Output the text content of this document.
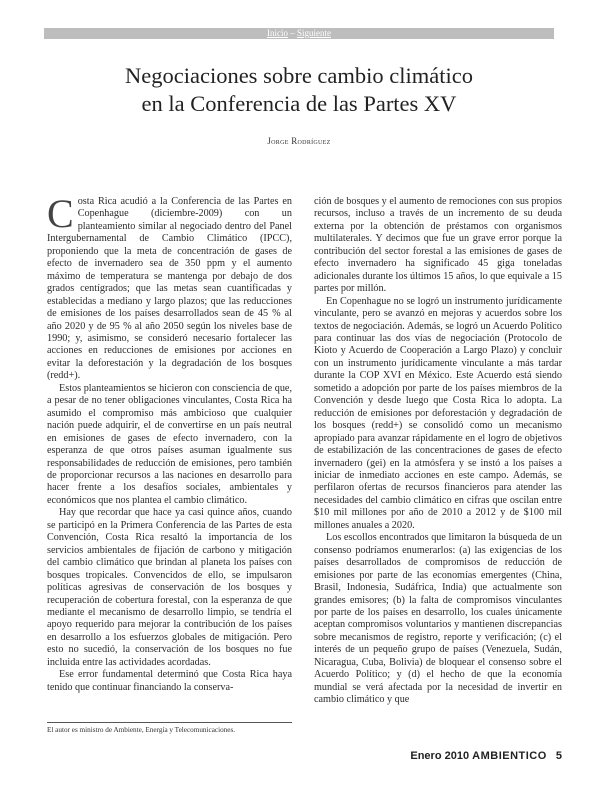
Inicio – Siguiente
Negociaciones sobre cambio climático
en la Conferencia de las Partes XV
Jorge Rodríguez

Costa Rica acudió a la Conferencia de las Partes en Copenhague (diciembre-2009) con un planteamiento similar al negociado dentro del Panel Intergubernamental de Cambio Climático (IPCC), proponiendo que la meta de concentración de gases de efecto de invernadero sea de 350 ppm y el aumento máximo de temperatura se mantenga por debajo de dos grados centígrados; que las metas sean cuantificadas y establecidas a mediano y largo plazos; que las reducciones de emisiones de los países desarrollados sean de 45 % al año 2020 y de 95 % al año 2050 según los niveles base de 1990; y, asimismo, se consideró necesario fortalecer las acciones en reducciones de emisiones por acciones en evitar la deforestación y la degradación de los bosques (redd+).

Estos planteamientos se hicieron con consciencia de que, a pesar de no tener obligaciones vinculantes, Costa Rica ha asumido el compromiso más ambicioso que cualquier nación puede adquirir, el de convertirse en un país neutral en emisiones de gases de efecto invernadero, con la esperanza de que otros países asuman igualmente sus responsabilidades de reducción de emisiones, pero también de proporcionar recursos a las naciones en desarrollo para hacer frente a los desafíos sociales, ambientales y económicos que nos plantea el cambio climático.

Hay que recordar que hace ya casi quince años, cuando se participó en la Primera Conferencia de las Partes de esta Convención, Costa Rica resaltó la importancia de los servicios ambientales de fijación de carbono y mitigación del cambio climático que brindan al planeta los países con bosques tropicales. Convencidos de ello, se impulsaron políticas agresivas de conservación de los bosques y recuperación de cobertura forestal, con la esperanza de que mediante el mecanismo de desarrollo limpio, se tendría el apoyo requerido para mejorar la contribución de los países en desarrollo a los esfuerzos globales de mitigación. Pero esto no sucedió, la conservación de los bosques no fue incluida entre las actividades acordadas.

Ese error fundamental determinó que Costa Rica haya tenido que continuar financiando la conserva-

ción de bosques y el aumento de remociones con sus propios recursos, incluso a través de un incremento de su deuda externa por la obtención de préstamos con organismos multilaterales. Y decimos que fue un grave error porque la contribución del sector forestal a las emisiones de gases de efecto invernadero ha significado 45 giga toneladas adicionales durante los últimos 15 años, lo que equivale a 15 partes por millón.

En Copenhague no se logró un instrumento jurídicamente vinculante, pero se avanzó en mejoras y acuerdos sobre los textos de negociación. Además, se logró un Acuerdo Político para continuar las dos vías de negociación (Protocolo de Kioto y Acuerdo de Cooperación a Largo Plazo) y concluir con un instrumento jurídicamente vinculante a más tardar durante la COP XVI en México. Este Acuerdo está siendo sometido a adopción por parte de los países miembros de la Convención y desde luego que Costa Rica lo adopta. La reducción de emisiones por deforestación y degradación de los bosques (redd+) se consolidó como un mecanismo apropiado para avanzar rápidamente en el logro de objetivos de estabilización de las concentraciones de gases de efecto invernadero (gei) en la atmósfera y se instó a los países a iniciar de inmediato acciones en este campo. Además, se perfilaron ofertas de recursos financieros para atender las necesidades del cambio climático en cifras que oscilan entre $10 mil millones por año de 2010 a 2012 y de $100 mil millones anuales a 2020.

Los escollos encontrados que limitaron la búsqueda de un consenso podríamos enumerarlos: (a) las exigencias de los países desarrollados de compromisos de reducción de emisiones por parte de las economías emergentes (China, Brasil, Indonesia, Sudáfrica, India) que actualmente son grandes emisores; (b) la falta de compromisos vinculantes por parte de los países en desarrollo, los cuales únicamente aceptan compromisos voluntarios y mantienen discrepancias sobre mecanismos de registro, reporte y verificación; (c) el interés de un pequeño grupo de países (Venezuela, Sudán, Nicaragua, Cuba, Bolivia) de bloquear el consenso sobre el Acuerdo Político; y (d) el hecho de que la economía mundial se verá afectada por la necesidad de invertir en cambio climático y que

El autor es ministro de Ambiente, Energía y Telecomunicaciones.
Enero 2010 AMBIENTICO 5
